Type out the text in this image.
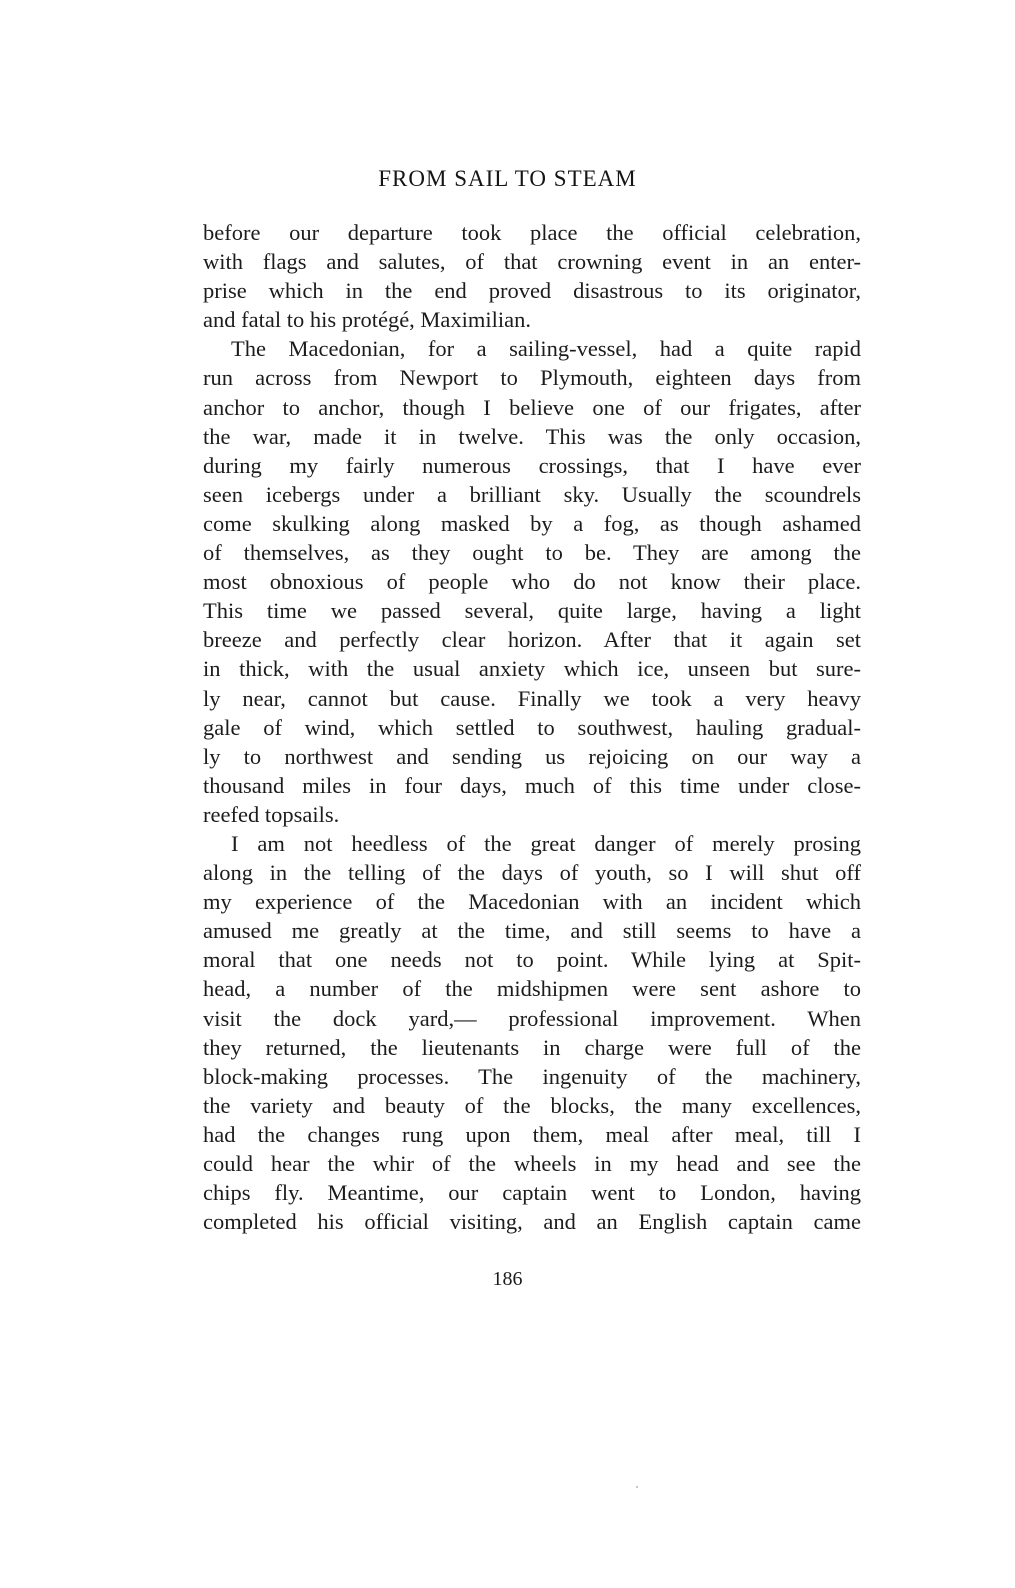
FROM SAIL TO STEAM
before our departure took place the official celebration,
with flags and salutes, of that crowning event in an enter-
prise which in the end proved disastrous to its originator,
and fatal to his protégé, Maximilian.
The Macedonian, for a sailing-vessel, had a quite rapid
run across from Newport to Plymouth, eighteen days from
anchor to anchor, though I believe one of our frigates, after
the war, made it in twelve. This was the only occasion,
during my fairly numerous crossings, that I have ever
seen icebergs under a brilliant sky. Usually the scoundrels
come skulking along masked by a fog, as though ashamed
of themselves, as they ought to be. They are among the
most obnoxious of people who do not know their place.
This time we passed several, quite large, having a light
breeze and perfectly clear horizon. After that it again set
in thick, with the usual anxiety which ice, unseen but sure-
ly near, cannot but cause. Finally we took a very heavy
gale of wind, which settled to southwest, hauling gradual-
ly to northwest and sending us rejoicing on our way a
thousand miles in four days, much of this time under close-
reefed topsails.
I am not heedless of the great danger of merely prosing
along in the telling of the days of youth, so I will shut off
my experience of the Macedonian with an incident which
amused me greatly at the time, and still seems to have a
moral that one needs not to point. While lying at Spit-
head, a number of the midshipmen were sent ashore to
visit the dock yard,— professional improvement. When
they returned, the lieutenants in charge were full of the
block-making processes. The ingenuity of the machinery,
the variety and beauty of the blocks, the many excellences,
had the changes rung upon them, meal after meal, till I
could hear the whir of the wheels in my head and see the
chips fly. Meantime, our captain went to London, having
completed his official visiting, and an English captain came
186
